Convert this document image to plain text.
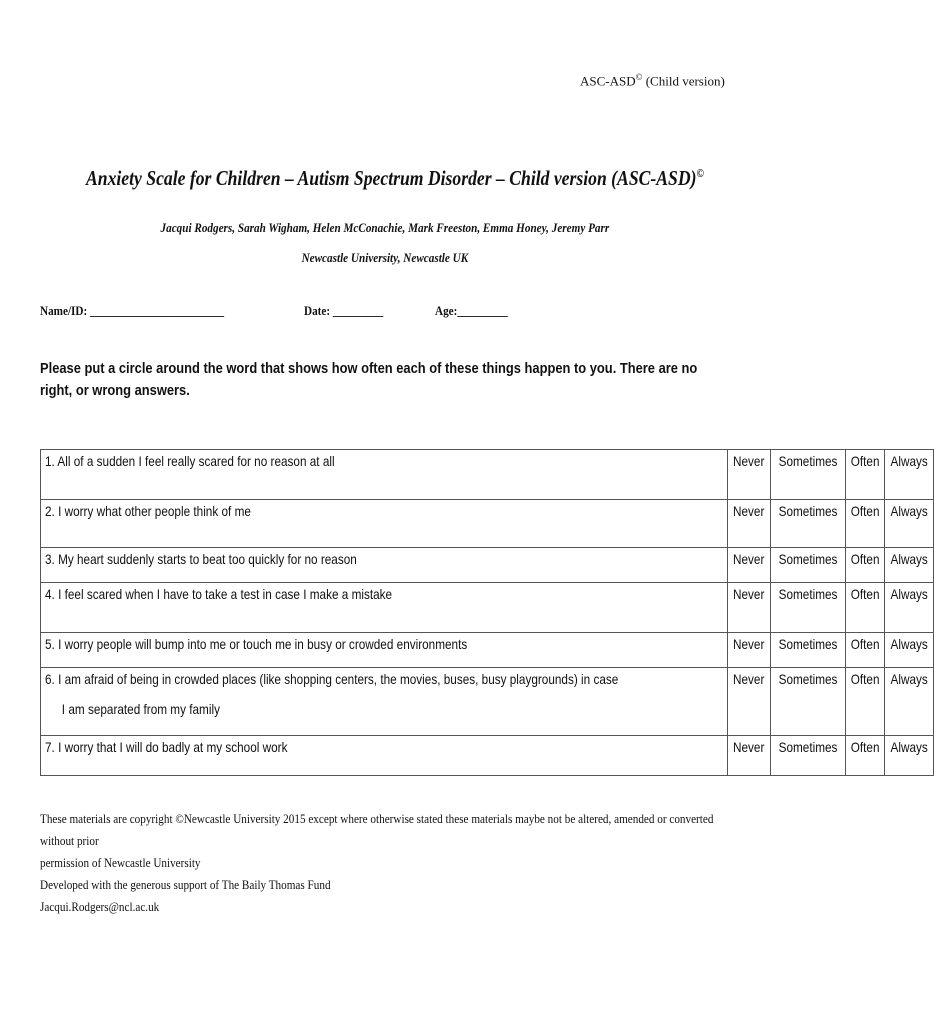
ASC-ASD© (Child version)
Anxiety Scale for Children – Autism Spectrum Disorder – Child version (ASC-ASD)©
Jacqui Rodgers, Sarah Wigham, Helen McConachie, Mark Freeston, Emma Honey, Jeremy Parr
Newcastle University, Newcastle UK
Name/ID: ________________________	Date: _________	Age:_________
Please put a circle around the word that shows how often each of these things happen to you. There are no right, or wrong answers.
1. All of a sudden I feel really scared for no reason at all	Never	Sometimes	Often	Always
2. I worry what other people think of me	Never	Sometimes	Often	Always
3. My heart suddenly starts to beat too quickly for no reason	Never	Sometimes	Often	Always
4. I feel scared when I have to take a test in case I make a mistake	Never	Sometimes	Often	Always
5. I worry people will bump into me or touch me in busy or crowded environments	Never	Sometimes	Often	Always
6. I am afraid of being in crowded places (like shopping centers, the movies, buses, busy playgrounds) in case
I am separated from my family	Never	Sometimes	Often	Always
7. I worry that I will do badly at my school work	Never	Sometimes	Often	Always
These materials are copyright ©Newcastle University 2015 except where otherwise stated these materials maybe not be altered, amended or converted without prior
permission of Newcastle University
Developed with the generous support of The Baily Thomas Fund
Jacqui.Rodgers@ncl.ac.uk
